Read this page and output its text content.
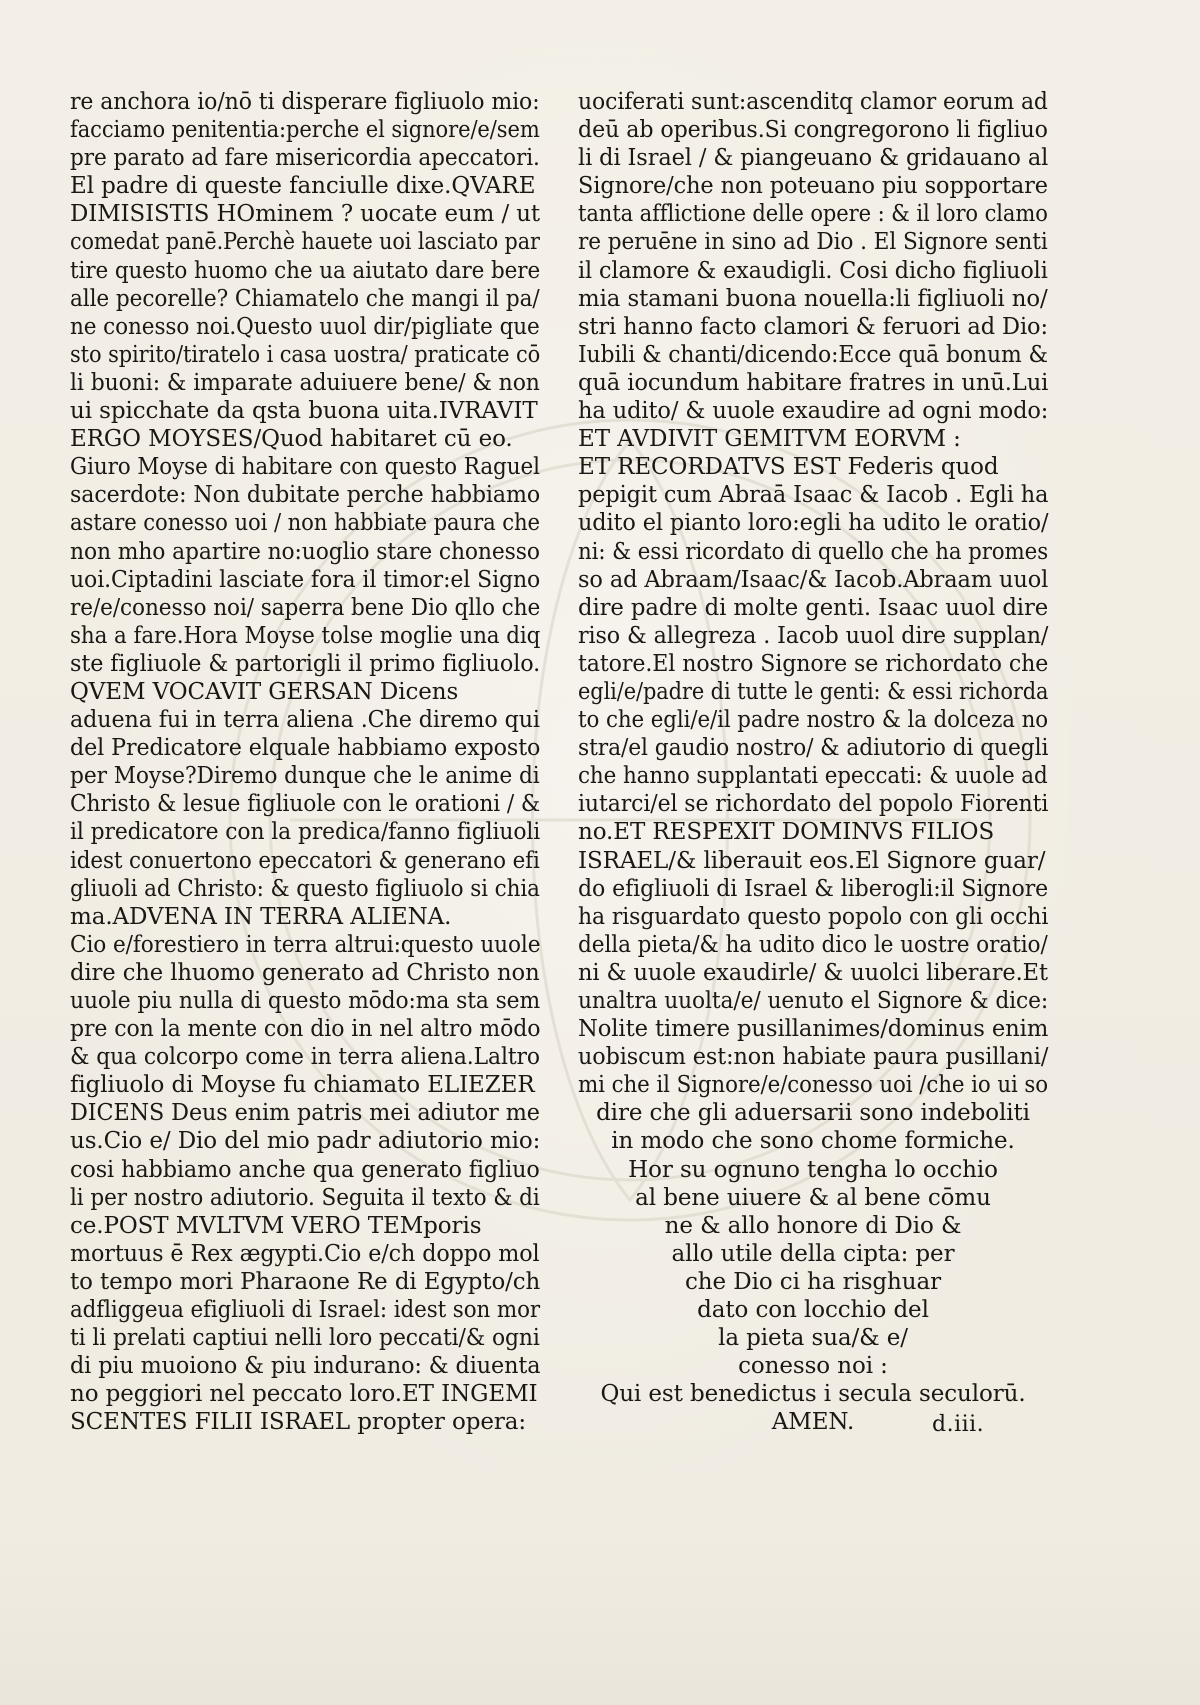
re anchora io/nō ti disperare figliuolo mio:
facciamo penitentia:perche el signore/e/sem
pre parato ad fare misericordia apeccatori.
El padre di queste fanciulle dixe.QVARE
DIMISISTIS HOminem ? uocate eum / ut
comedat panē.Perchè hauete uoi lasciato par
tire questo huomo che ua aiutato dare bere
alle pecorelle? Chiamatelo che mangi il pa/
ne conesso noi.Questo uuol dir/pigliate que
sto spirito/tiratelo i casa uostra/ praticate cō
li buoni: & imparate aduiuere bene/ & non
ui spicchate da qsta buona uita.IVRAVIT
ERGO MOYSES/Quod habitaret cū eo.
Giuro Moyse di habitare con questo Raguel
sacerdote: Non dubitate perche habbiamo
astare conesso uoi / non habbiate paura che
non mho apartire no:uoglio stare chonesso
uoi.Ciptadini lasciate fora il timor:el Signo
re/e/conesso noi/ saperra bene Dio qllo che
sha a fare.Hora Moyse tolse moglie una diq
ste figliuole & partorigli il primo figliuolo.
QVEM VOCAVIT GERSAN Dicens
aduena fui in terra aliena .Che diremo qui
del Predicatore elquale habbiamo exposto
per Moyse?Diremo dunque che le anime di
Christo & lesue figliuole con le orationi / &
il predicatore con la predica/fanno figliuoli
idest conuertono epeccatori & generano efi
gliuoli ad Christo: & questo figliuolo si chia
ma.ADVENA IN TERRA ALIENA.
Cio e/forestiero in terra altrui:questo uuole
dire che lhuomo generato ad Christo non
uuole piu nulla di questo mōdo:ma sta sem
pre con la mente con dio in nel altro mōdo
& qua colcorpo come in terra aliena.Laltro
figliuolo di Moyse fu chiamato ELIEZER
DICENS Deus enim patris mei adiutor me
us.Cio e/ Dio del mio padr adiutorio mio:
cosi habbiamo anche qua generato figliuo
li per nostro adiutorio. Seguita il texto & di
ce.POST MVLTVM VERO TEMporis
mortuus ē Rex ægypti.Cio e/ch doppo mol
to tempo mori Pharaone Re di Egypto/ch
adfliggeua efigliuoli di Israel: idest son mor
ti li prelati captiui nelli loro peccati/& ogni
di piu muoiono & piu indurano: & diuenta
no peggiori nel peccato loro.ET INGEMI
SCENTES FILII ISRAEL propter opera:
uociferati sunt:ascenditq clamor eorum ad
deū ab operibus.Si congregorono li figliuo
li di Israel / & piangeuano & gridauano al
Signore/che non poteuano piu sopportare
tanta afflictione delle opere : & il loro clamo
re peruēne in sino ad Dio . El Signore senti
il clamore & exaudigli. Cosi dicho figliuoli
mia stamani buona nouella:li figliuoli no/
stri hanno facto clamori & feruori ad Dio:
Iubili & chanti/dicendo:Ecce quā bonum &
quā iocundum habitare fratres in unū.Lui
ha udito/ & uuole exaudire ad ogni modo:
ET AVDIVIT GEMITVM EORVM :
ET RECORDATVS EST Federis quod
pepigit cum Abraā Isaac & Iacob . Egli ha
udito el pianto loro:egli ha udito le oratio/
ni: & essi ricordato di quello che ha promes
so ad Abraam/Isaac/& Iacob.Abraam uuol
dire padre di molte genti. Isaac uuol dire
riso & allegreza . Iacob uuol dire supplan/
tatore.El nostro Signore se richordato che
egli/e/padre di tutte le genti: & essi richorda
to che egli/e/il padre nostro & la dolceza no
stra/el gaudio nostro/ & adiutorio di quegli
che hanno supplantati epeccati: & uuole ad
iutarci/el se richordato del popolo Fiorenti
no.ET RESPEXIT DOMINVS FILIOS
ISRAEL/& liberauit eos.El Signore guar/
do efigliuoli di Israel & liberogli:il Signore
ha risguardato questo popolo con gli occhi
della pieta/& ha udito dico le uostre oratio/
ni & uuole exaudirle/ & uuolci liberare.Et
unaltra uuolta/e/ uenuto el Signore & dice:
Nolite timere pusillanimes/dominus enim
uobiscum est:non habiate paura pusillani/
mi che il Signore/e/conesso uoi /che io ui so
dire che gli aduersarii sono indeboliti
in modo che sono chome formiche.
Hor su ognuno tengha lo occhio
al bene uiuere & al bene cōmu
ne & allo honore di Dio &
allo utile della cipta: per
che Dio ci ha risghuar
dato con locchio del
la pieta sua/& e/
conesso noi :
Qui est benedictus i secula seculorū.
AMEN.	d.iii.
